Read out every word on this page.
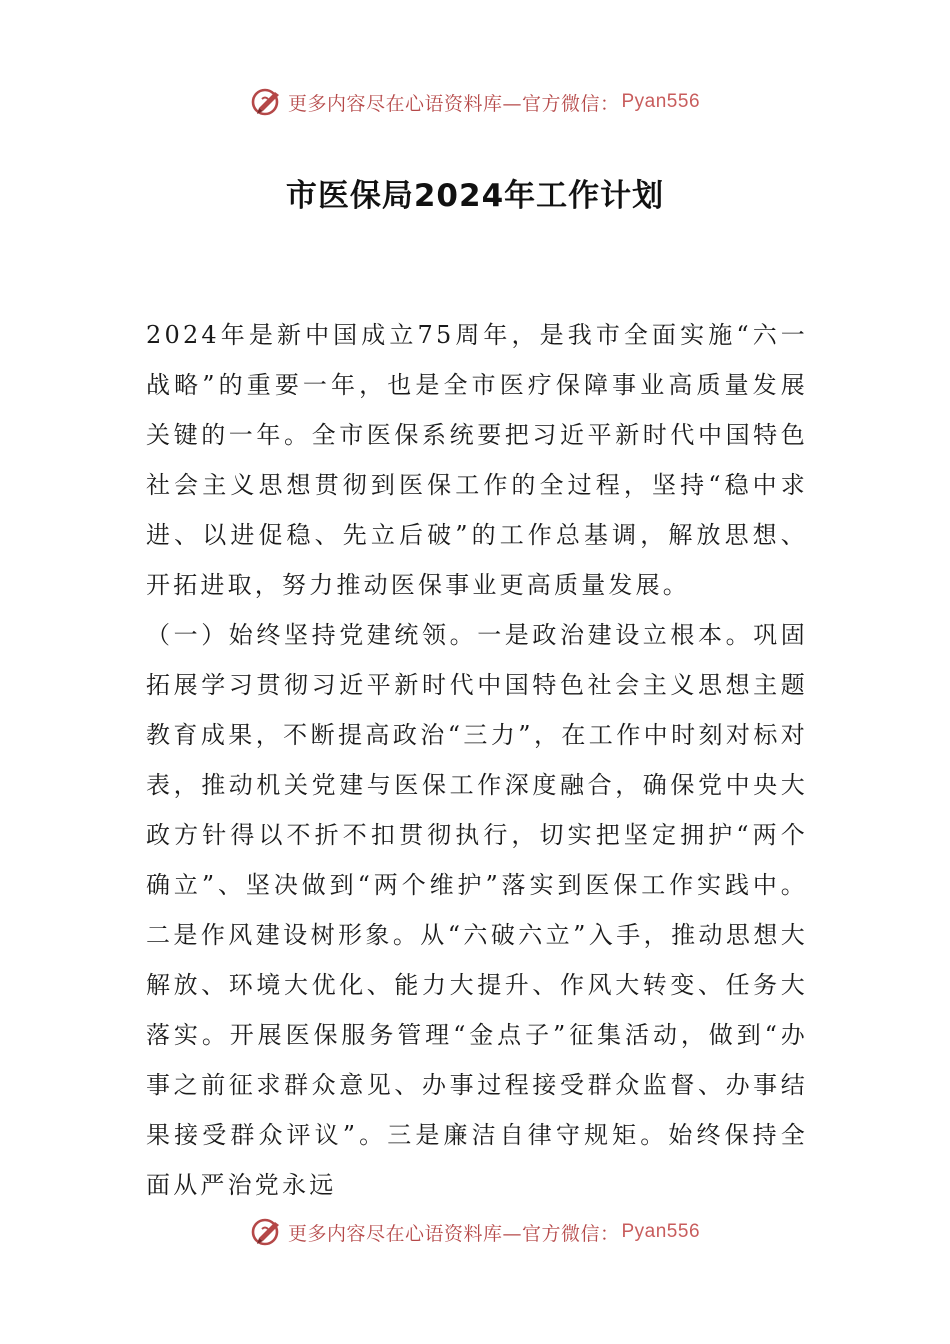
更多内容尽在心语资料库—官方微信： Pyan556
市医保局2024年工作计划

2024年是新中国成立75周年，是我市全面实施“六一战略”的重要一年，也是全市医疗保障事业高质量发展关键的一年。全市医保系统要把习近平新时代中国特色社会主义思想贯彻到医保工作的全过程，坚持“稳中求进、以进促稳、先立后破”的工作总基调，解放思想、开拓进取，努力推动医保事业更高质量发展。

（一）始终坚持党建统领。一是政治建设立根本。巩固拓展学习贯彻习近平新时代中国特色社会主义思想主题教育成果，不断提高政治“三力”，在工作中时刻对标对表，推动机关党建与医保工作深度融合，确保党中央大政方针得以不折不扣贯彻执行，切实把坚定拥护“两个确立”、坚决做到“两个维护”落实到医保工作实践中。二是作风建设树形象。从“六破六立”入手，推动思想大解放、环境大优化、能力大提升、作风大转变、任务大落实。开展医保服务管理“金点子”征集活动，做到“办事之前征求群众意见、办事过程接受群众监督、办事结果接受群众评议”。三是廉洁自律守规矩。始终保持全面从严治党永远

更多内容尽在心语资料库—官方微信： Pyan556
